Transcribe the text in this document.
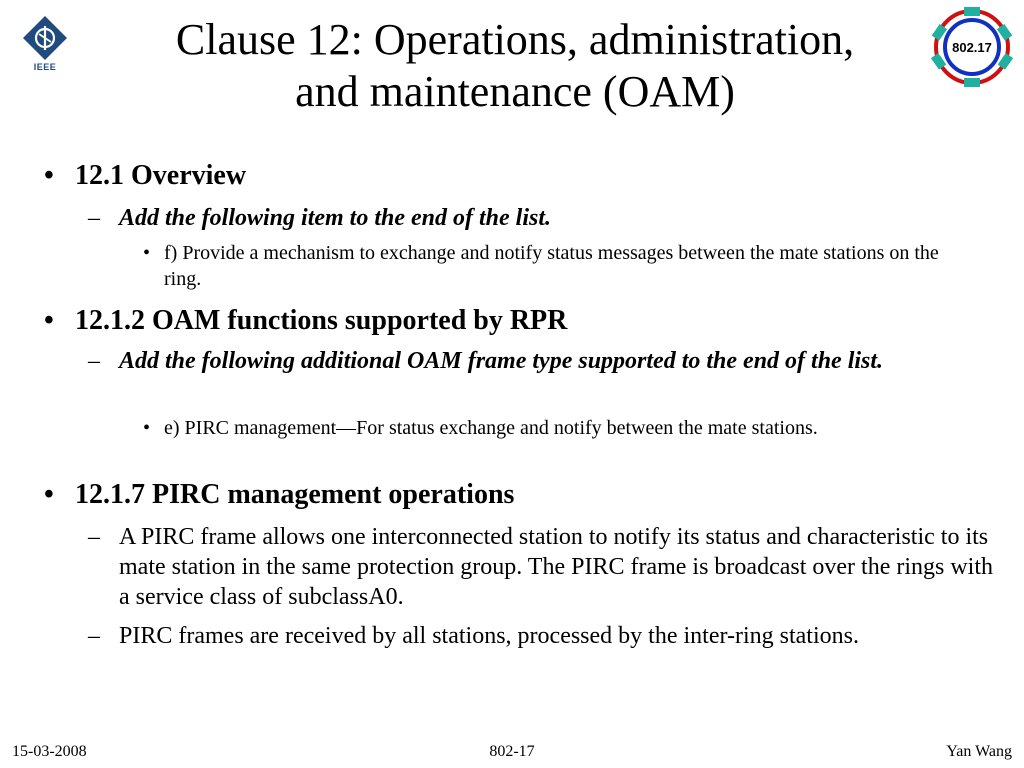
IEEE
802.17
Clause 12: Operations, administration,
and maintenance (OAM)
• 12.1 Overview
– Add the following item to the end of the list.
• f) Provide a mechanism to exchange and notify status messages between the mate stations on the ring.
• 12.1.2 OAM functions supported by RPR
– Add the following additional OAM frame type supported to the end of the list.
• e) PIRC management—For status exchange and notify between the mate stations.
• 12.1.7 PIRC management operations
– A PIRC frame allows one interconnected station to notify its status and characteristic to its mate station in the same protection group. The PIRC frame is broadcast over the rings with a service class of subclassA0.
– PIRC frames are received by all stations, processed by the inter-ring stations.
15-03-2008	802-17	Yan Wang
